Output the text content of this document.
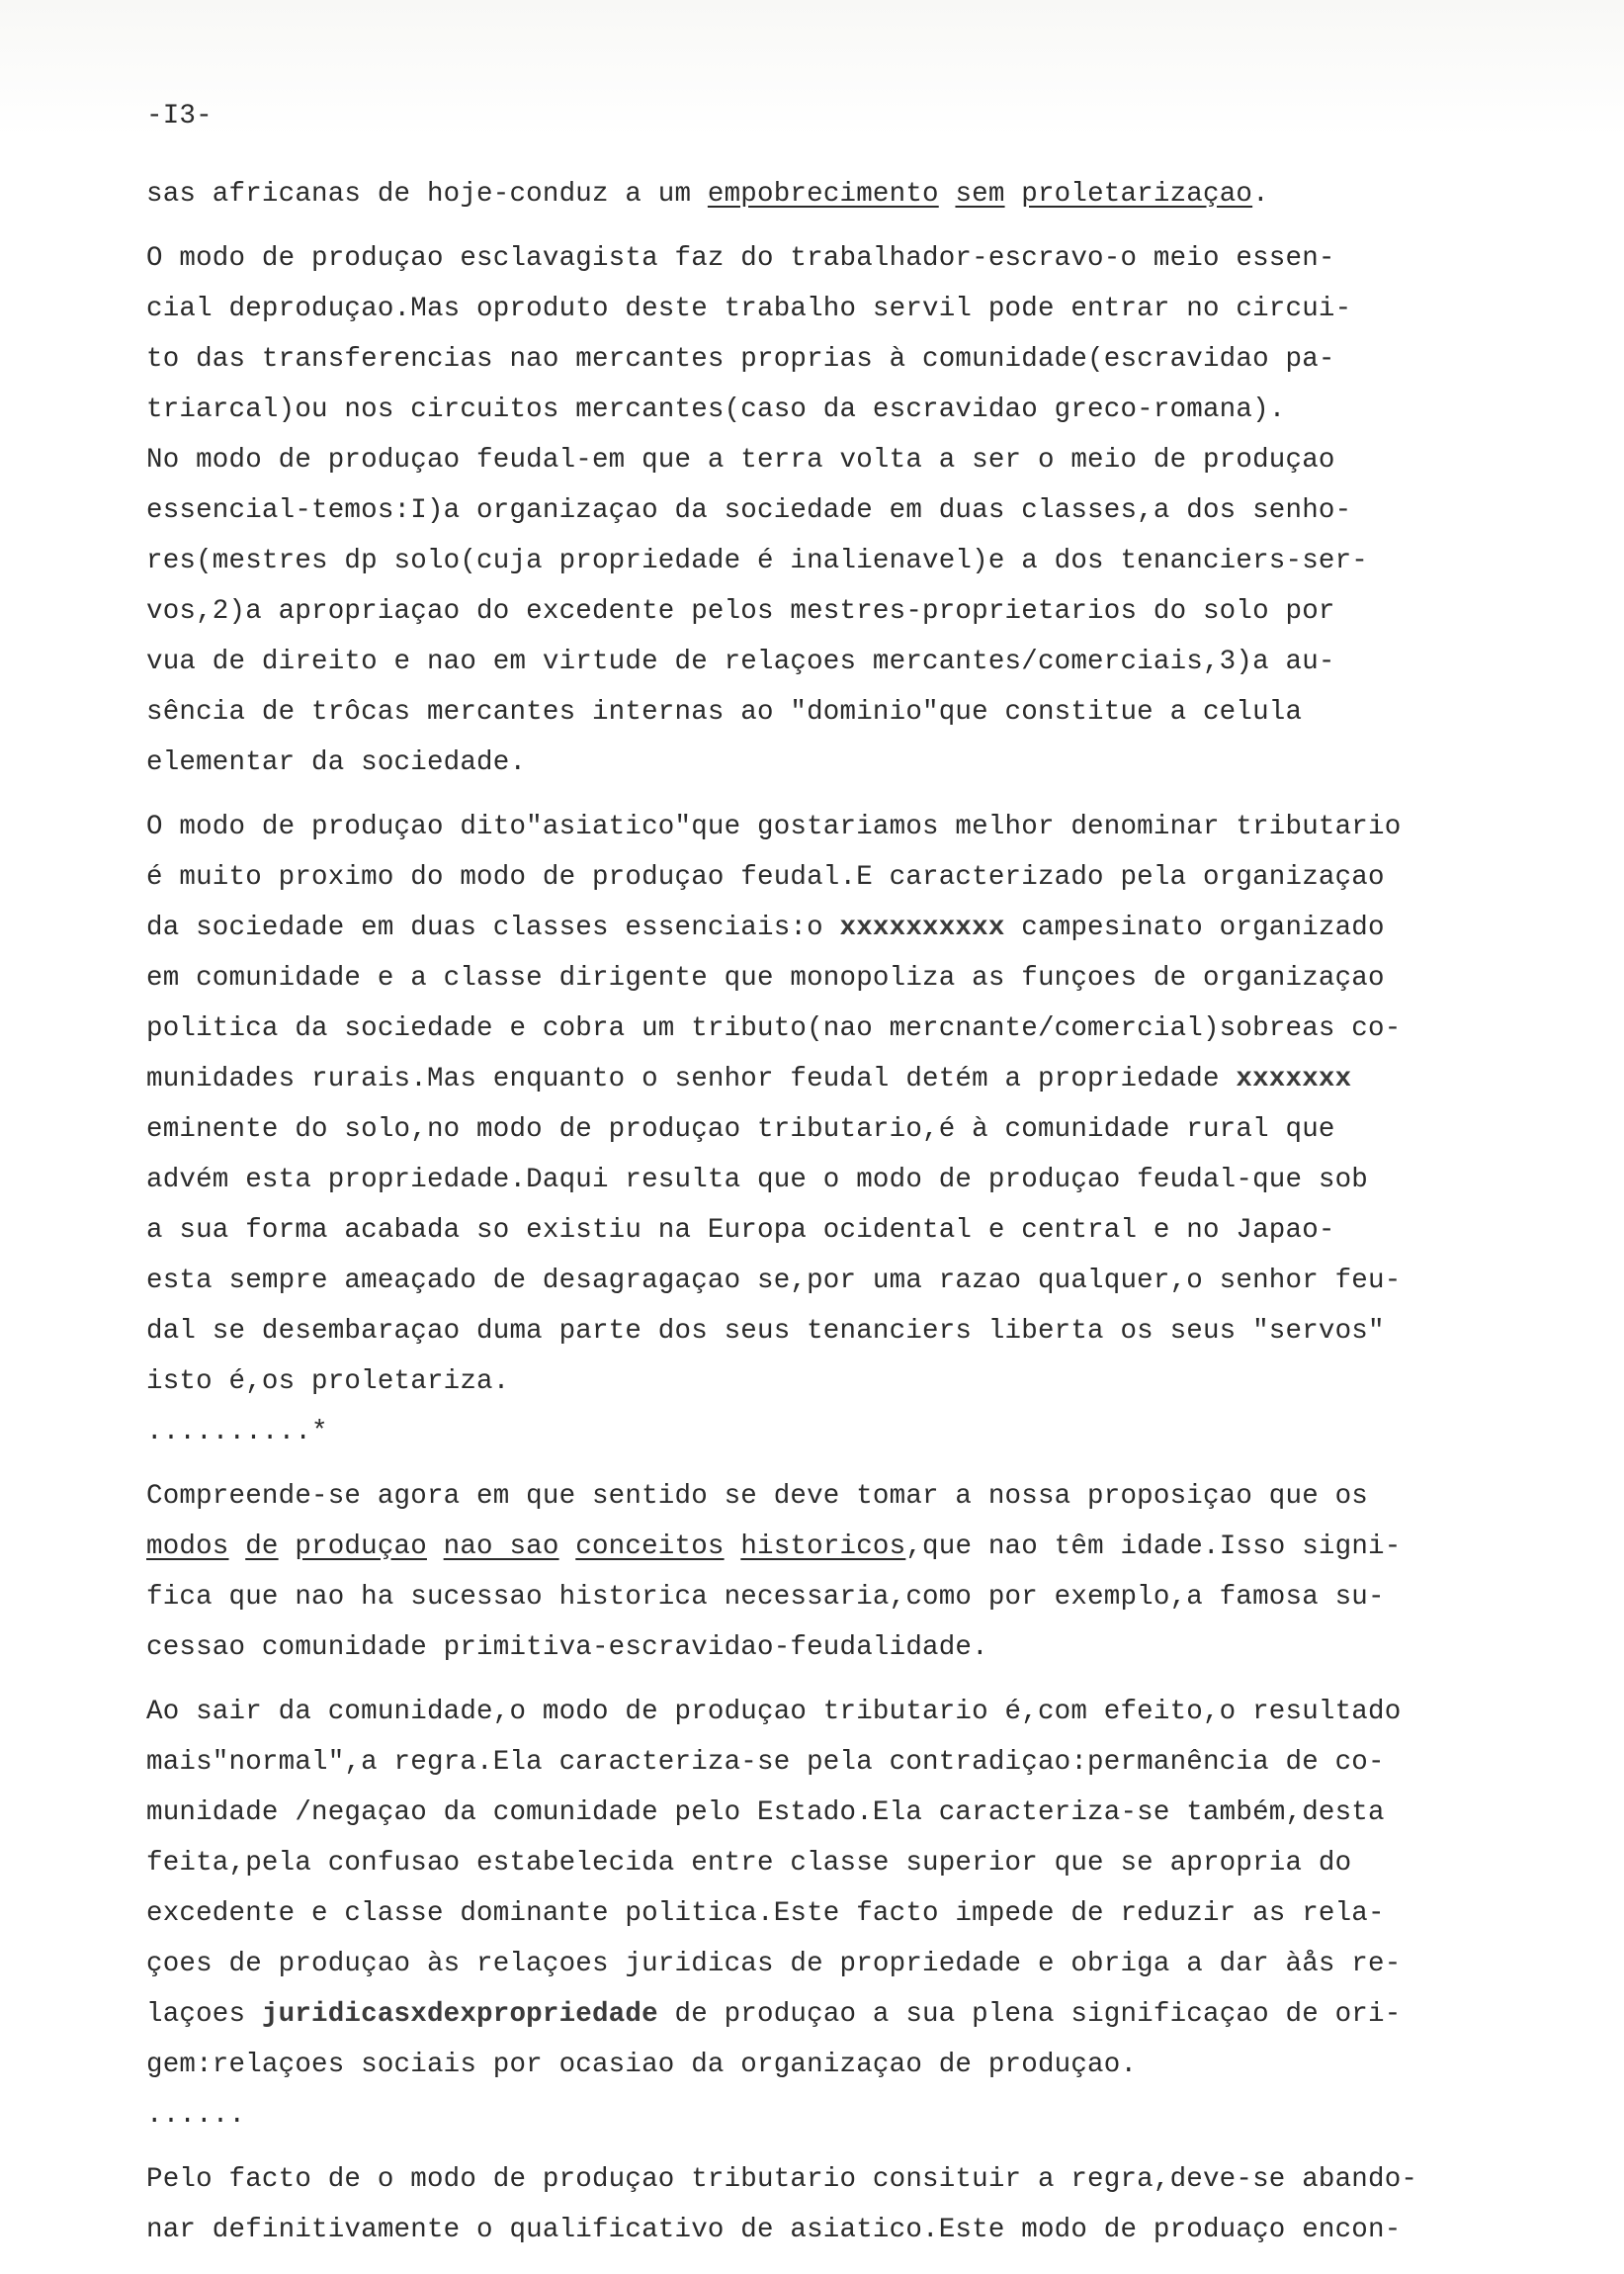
-I3-
sas africanas de hoje-conduz a um empobrecimento sem proletarizaçao.
O modo de produçao esclavagista faz do trabalhador-escravo-o meio essen-
cial deproduçao.Mas oproduto deste trabalho servil pode entrar no circui-
to das transferencias nao mercantes proprias à comunidade(escravidao pa-
triarcal)ou nos circuitos mercantes(caso da escravidao greco-romana).
No modo de produçao feudal-em que a terra volta a ser o meio de produçao
essencial-temos:I)a organizaçao da sociedade em duas classes,a dos senho-
res(mestres dp solo(cuja propriedade é inalienavel)e a dos tenanciers-ser-
vos,2)a apropriaçao do excedente pelos mestres-proprietarios do solo por
vua de direito e nao em virtude de relaçoes mercantes/comerciais,3)a au-
sência de trôcas mercantes internas ao "dominio"que constitue a celula
elementar da sociedade.
O modo de produçao dito"asiatico"que gostariamos melhor denominar tributario
é muito proximo do modo de produçao feudal.E caracterizado pela organizaçao
da sociedade em duas classes essenciais:o xxxxxxxxxx campesinato organizado
em comunidade e a classe dirigente que monopoliza as funçoes de organizaçao
politica da sociedade e cobra um tributo(nao mercnante/comercial)sobreas co-
munidades rurais.Mas enquanto o senhor feudal detém a propriedade xxxxxxx
eminente do solo,no modo de produçao tributario,é à comunidade rural que
advém esta propriedade.Daqui resulta que o modo de produçao feudal-que sob
a sua forma acabada so existiu na Europa ocidental e central e no Japao-
esta sempre ameaçado de desagragaçao se,por uma razao qualquer,o senhor feu-
dal se desembaraçao duma parte dos seus tenanciers liberta os seus "servos"
isto é,os proletariza.
..........*
Compreende-se agora em que sentido se deve tomar a nossa proposiçao que os
modos de produçao nao sao conceitos historicos,que nao têm idade.Isso signi-
fica que nao ha sucessao historica necessaria,como por exemplo,a famosa su-
cessao comunidade primitiva-escravidao-feudalidade.
Ao sair da comunidade,o modo de produçao tributario é,com efeito,o resultado
mais"normal",a regra.Ela caracteriza-se pela contradiçao:permanência de co-
munidade /negaçao da comunidade pelo Estado.Ela caracteriza-se também,desta
feita,pela confusao estabelecida entre classe superior que se apropria do
excedente e classe dominante politica.Este facto impede de reduzir as rela-
çoes de produçao às relaçoes juridicas de propriedade e obriga a dar àås re-
laçoes juridicasxdexpropriedade de produçao a sua plena significaçao de ori-
gem:relaçoes sociais por ocasiao da organizaçao de produçao.
......
Pelo facto de o modo de produçao tributario consituir a regra,deve-se abando-
nar definitivamente o qualificativo de asiatico.Este modo de produaço encon-
